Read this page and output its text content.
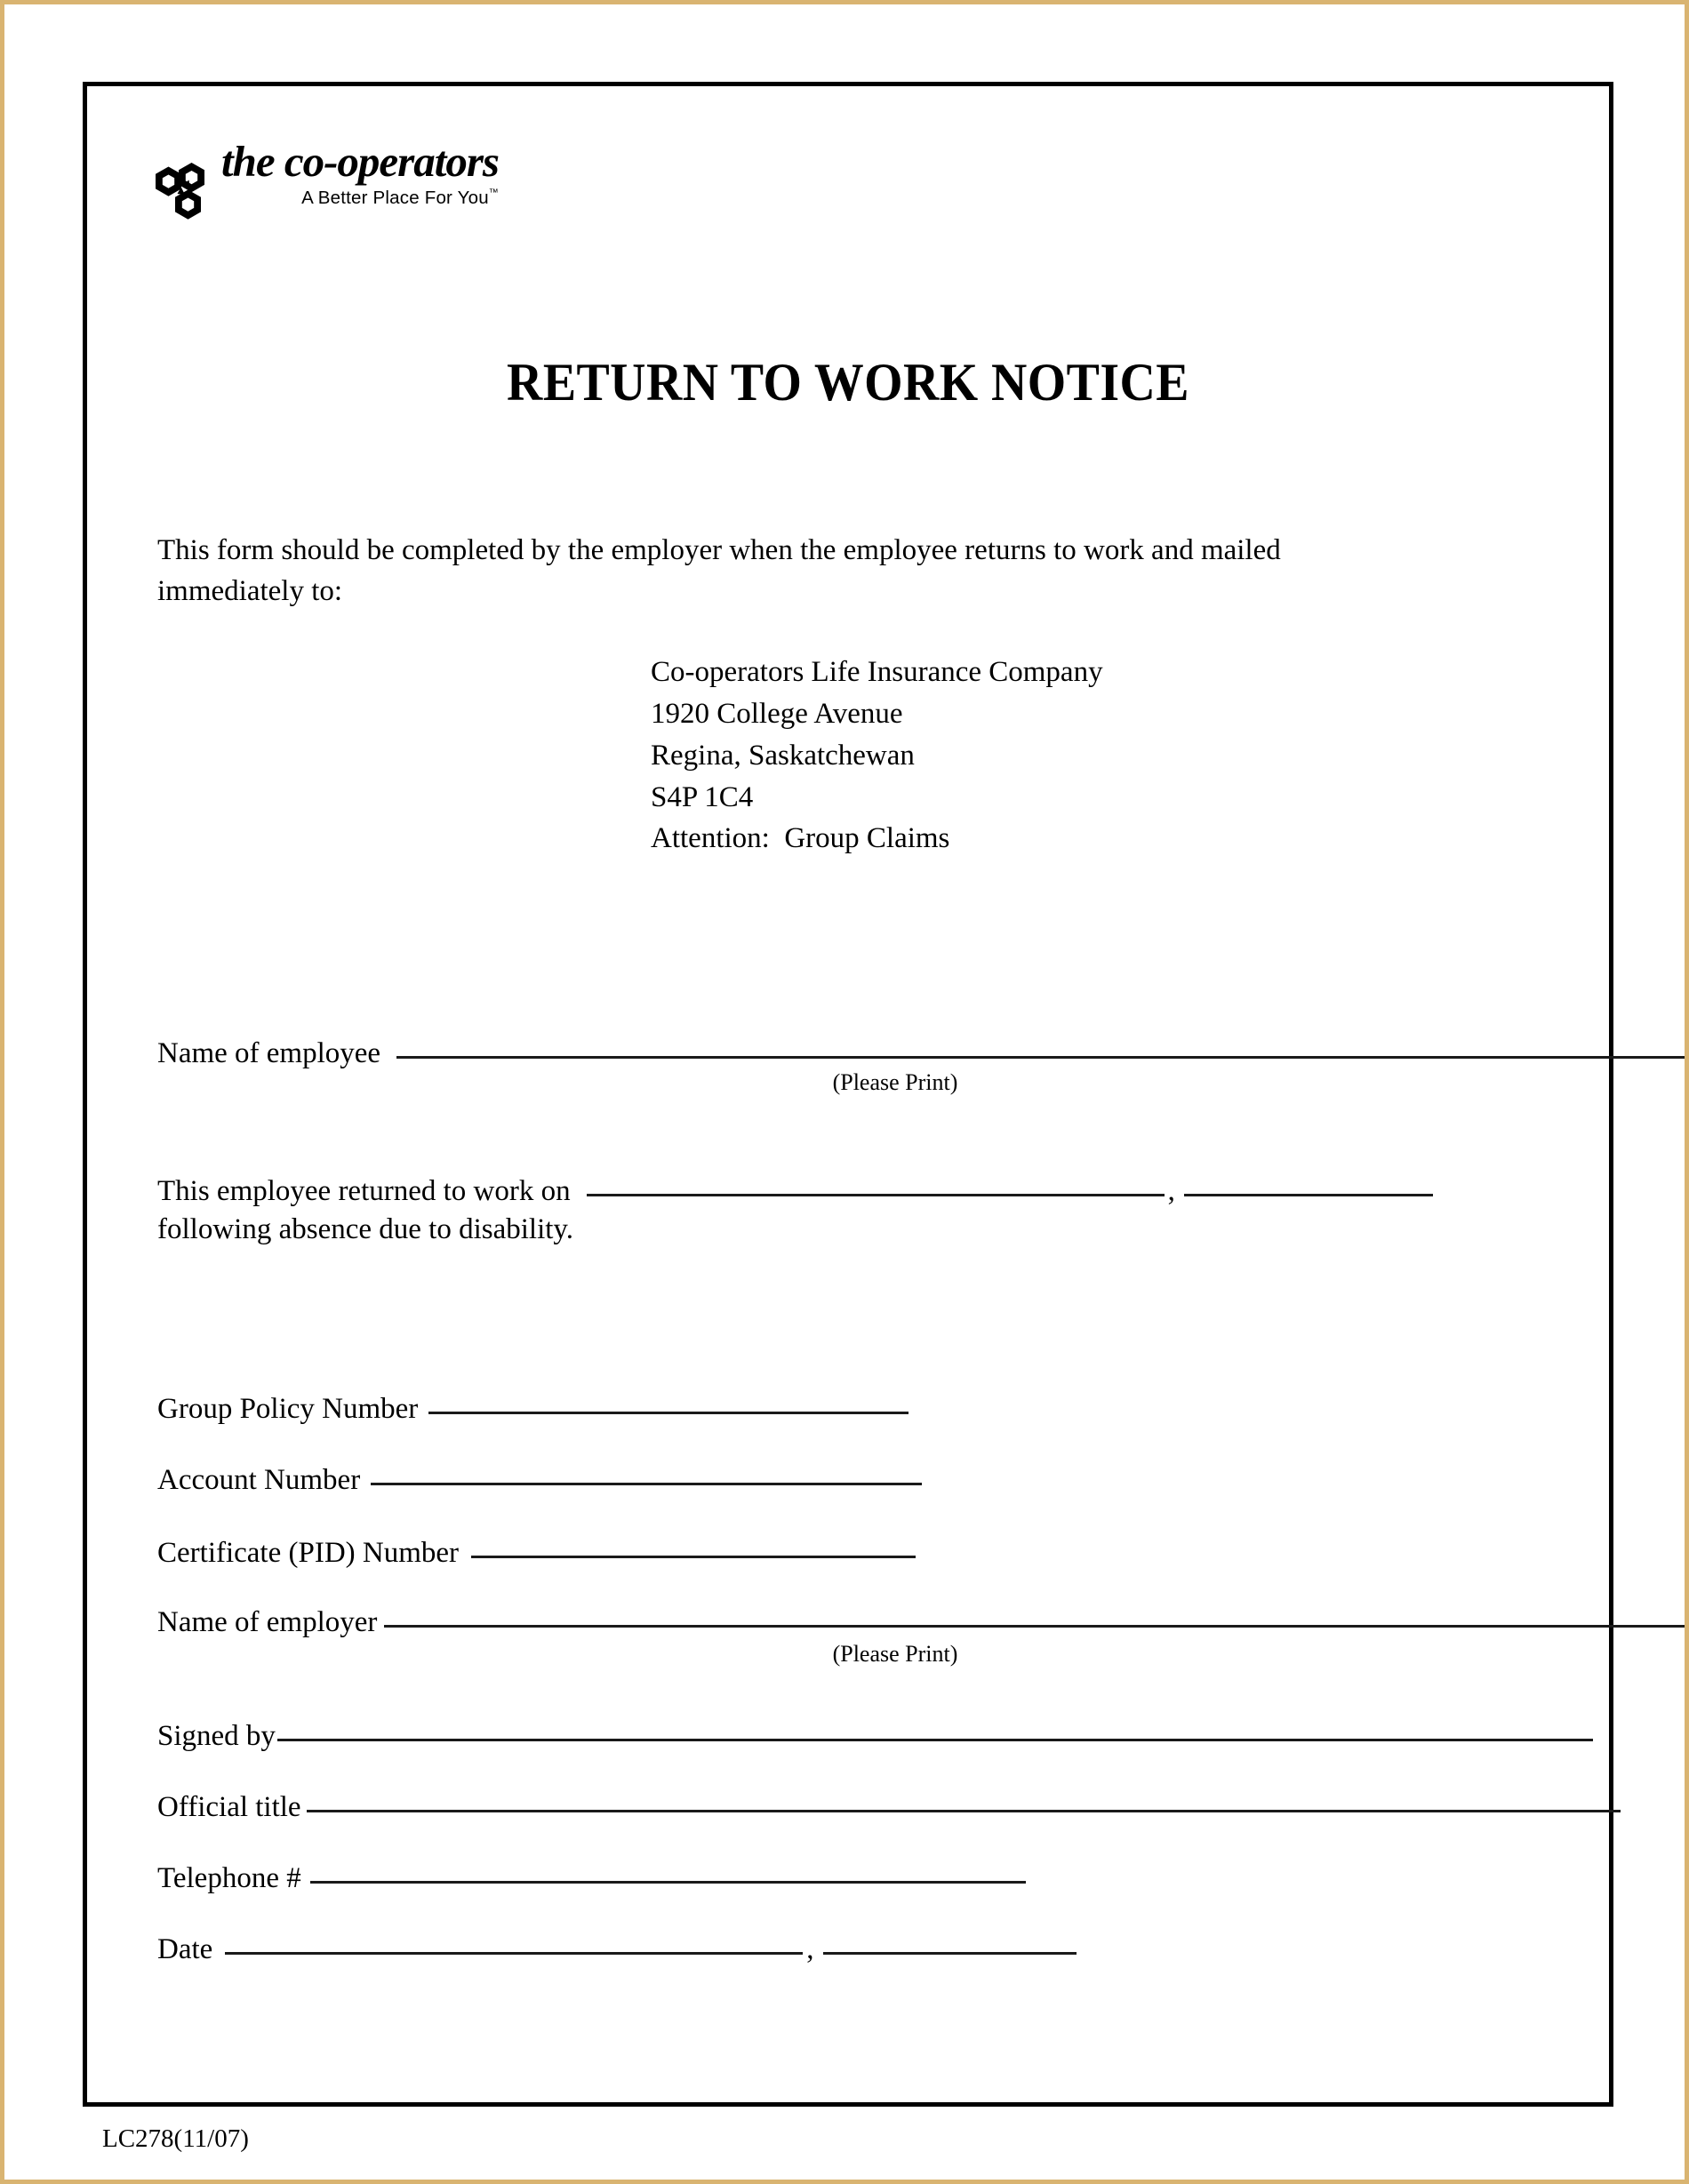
the co-operators
A Better Place For You™
RETURN TO WORK NOTICE
This form should be completed by the employer when the employee returns to work and mailed
immediately to:
Co-operators Life Insurance Company
1920 College Avenue
Regina, Saskatchewan
S4P 1C4
Attention:  Group Claims
Name of employee
(Please Print)
This employee returned to work on	,
following absence due to disability.
Group Policy Number
Account Number
Certificate (PID) Number
Name of employer
(Please Print)
Signed by
Official title
Telephone #
Date	,
LC278(11/07)
